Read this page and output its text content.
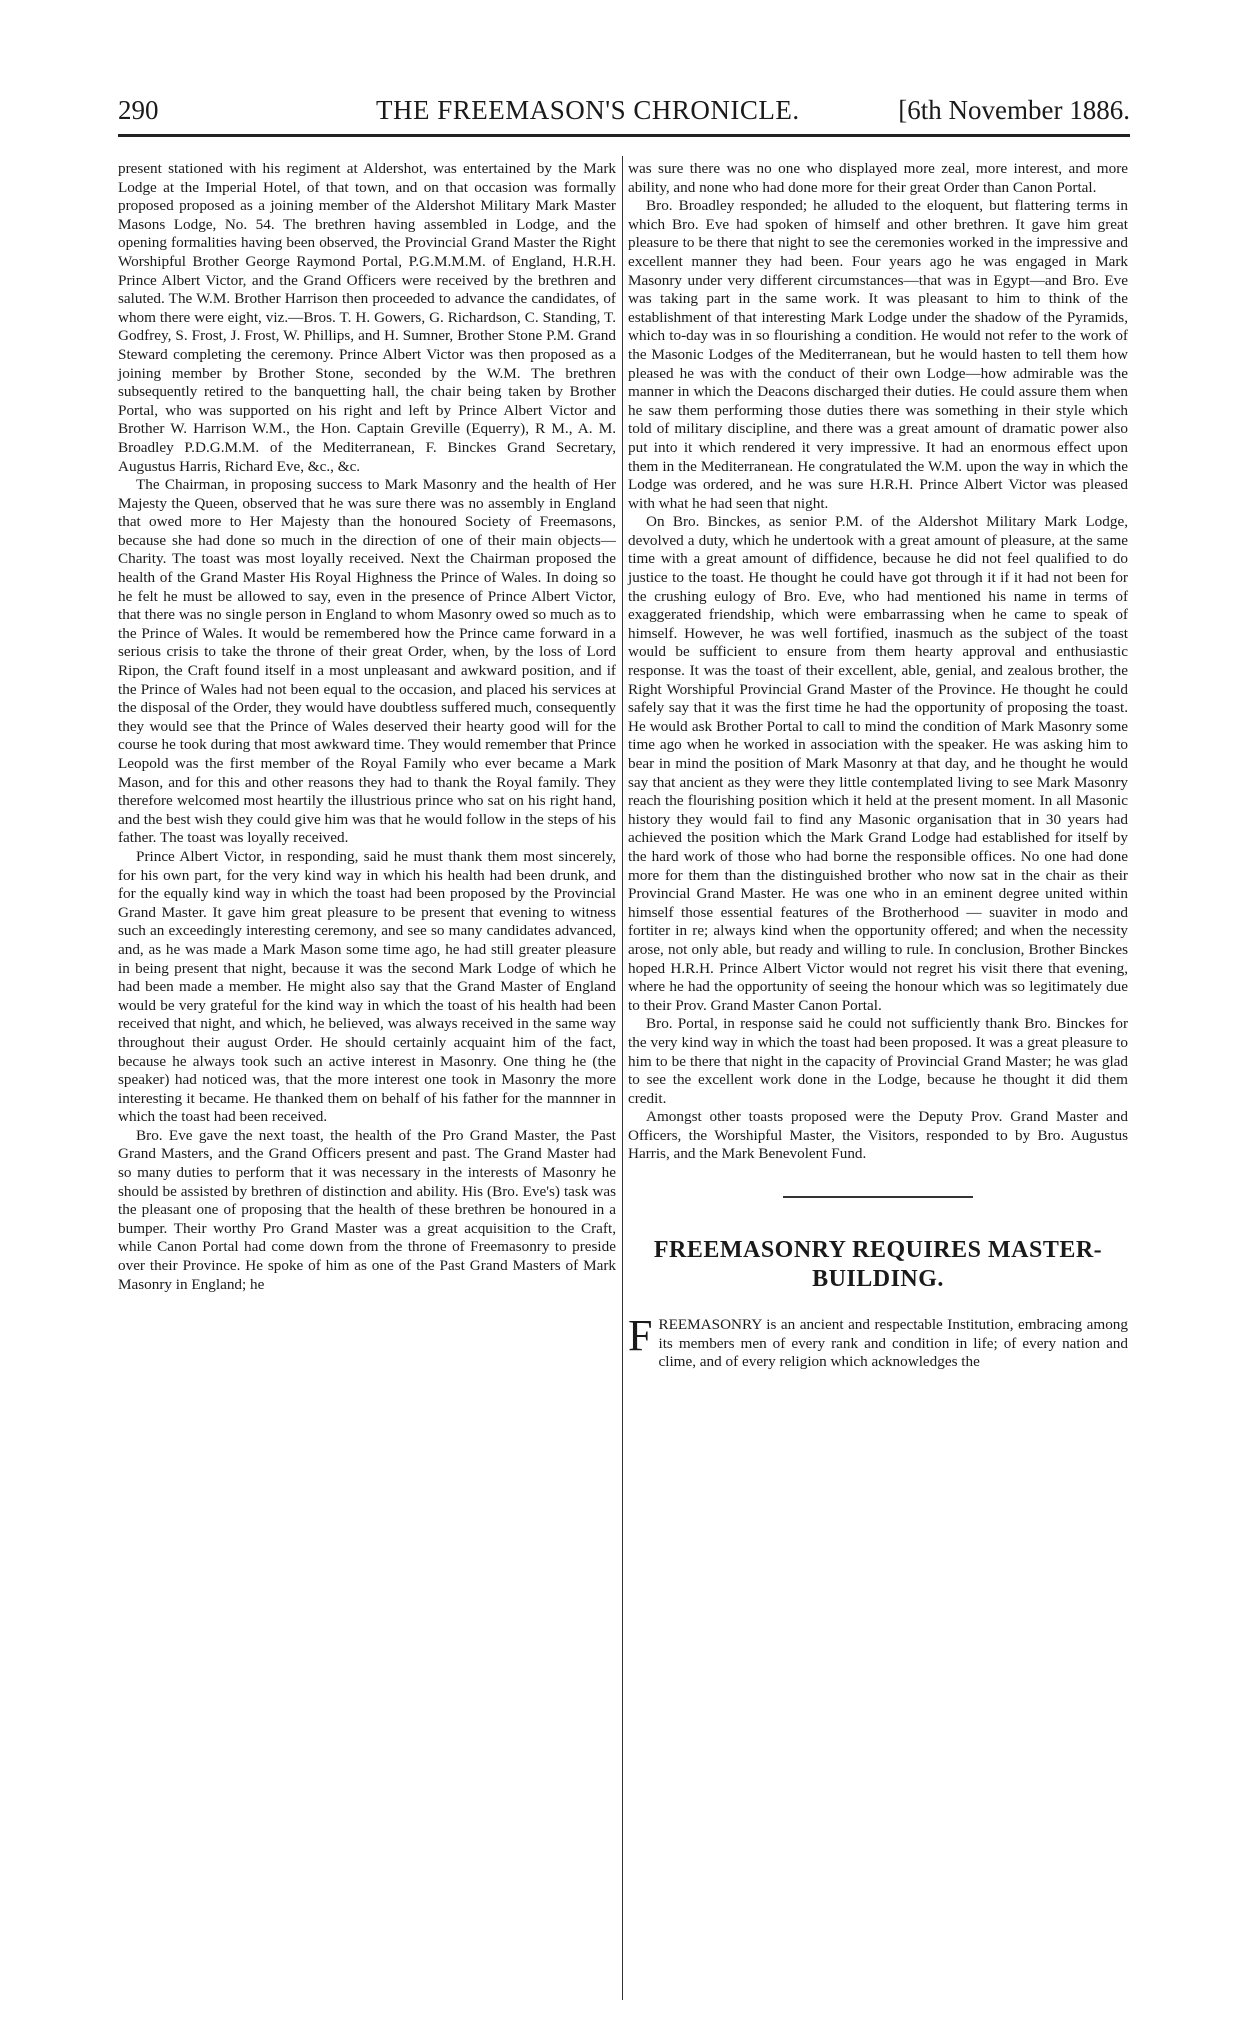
290	THE FREEMASON'S CHRONICLE.	[6th November 1886.

present stationed with his regiment at Aldershot, was entertained by the Mark Lodge at the Imperial Hotel, of that town, and on that occasion was formally proposed proposed as a joining member of the Aldershot Military Mark Master Masons Lodge, No. 54. The brethren having assembled in Lodge, and the opening formalities having been observed, the Provincial Grand Master the Right Worshipful Brother George Raymond Portal, P.G.M.M.M. of England, H.R.H. Prince Albert Victor, and the Grand Officers were received by the brethren and saluted. The W.M. Brother Harrison then proceeded to advance the candidates, of whom there were eight, viz.—Bros. T. H. Gowers, G. Richardson, C. Standing, T. Godfrey, S. Frost, J. Frost, W. Phillips, and H. Sumner, Brother Stone P.M. Grand Steward completing the ceremony. Prince Albert Victor was then proposed as a joining member by Brother Stone, seconded by the W.M. The brethren subsequently retired to the banquetting hall, the chair being taken by Brother Portal, who was supported on his right and left by Prince Albert Victor and Brother W. Harrison W.M., the Hon. Captain Greville (Equerry), R M., A. M. Broadley P.D.G.M.M. of the Mediterranean, F. Binckes Grand Secretary, Augustus Harris, Richard Eve, &c., &c.

The Chairman, in proposing success to Mark Masonry and the health of Her Majesty the Queen, observed that he was sure there was no assembly in England that owed more to Her Majesty than the honoured Society of Freemasons, because she had done so much in the direction of one of their main objects—Charity. The toast was most loyally received. Next the Chairman proposed the health of the Grand Master His Royal Highness the Prince of Wales. In doing so he felt he must be allowed to say, even in the presence of Prince Albert Victor, that there was no single person in England to whom Masonry owed so much as to the Prince of Wales. It would be remembered how the Prince came forward in a serious crisis to take the throne of their great Order, when, by the loss of Lord Ripon, the Craft found itself in a most unpleasant and awkward position, and if the Prince of Wales had not been equal to the occasion, and placed his services at the disposal of the Order, they would have doubtless suffered much, consequently they would see that the Prince of Wales deserved their hearty good will for the course he took during that most awkward time. They would remember that Prince Leopold was the first member of the Royal Family who ever became a Mark Mason, and for this and other reasons they had to thank the Royal family. They therefore welcomed most heartily the illustrious prince who sat on his right hand, and the best wish they could give him was that he would follow in the steps of his father. The toast was loyally received.

Prince Albert Victor, in responding, said he must thank them most sincerely, for his own part, for the very kind way in which his health had been drunk, and for the equally kind way in which the toast had been proposed by the Provincial Grand Master. It gave him great pleasure to be present that evening to witness such an exceedingly interesting ceremony, and see so many candidates advanced, and, as he was made a Mark Mason some time ago, he had still greater pleasure in being present that night, because it was the second Mark Lodge of which he had been made a member. He might also say that the Grand Master of England would be very grateful for the kind way in which the toast of his health had been received that night, and which, he believed, was always received in the same way throughout their august Order. He should certainly acquaint him of the fact, because he always took such an active interest in Masonry. One thing he (the speaker) had noticed was, that the more interest one took in Masonry the more interesting it became. He thanked them on behalf of his father for the mannner in which the toast had been received.

Bro. Eve gave the next toast, the health of the Pro Grand Master, the Past Grand Masters, and the Grand Officers present and past. The Grand Master had so many duties to perform that it was necessary in the interests of Masonry he should be assisted by brethren of distinction and ability. His (Bro. Eve's) task was the pleasant one of proposing that the health of these brethren be honoured in a bumper. Their worthy Pro Grand Master was a great acquisition to the Craft, while Canon Portal had come down from the throne of Freemasonry to preside over their Province. He spoke of him as one of the Past Grand Masters of Mark Masonry in England; he

was sure there was no one who displayed more zeal, more interest, and more ability, and none who had done more for their great Order than Canon Portal.

Bro. Broadley responded; he alluded to the eloquent, but flattering terms in which Bro. Eve had spoken of himself and other brethren. It gave him great pleasure to be there that night to see the ceremonies worked in the impressive and excellent manner they had been. Four years ago he was engaged in Mark Masonry under very different circumstances—that was in Egypt—and Bro. Eve was taking part in the same work. It was pleasant to him to think of the establishment of that interesting Mark Lodge under the shadow of the Pyramids, which to-day was in so flourishing a condition. He would not refer to the work of the Masonic Lodges of the Mediterranean, but he would hasten to tell them how pleased he was with the conduct of their own Lodge—how admirable was the manner in which the Deacons discharged their duties. He could assure them when he saw them performing those duties there was something in their style which told of military discipline, and there was a great amount of dramatic power also put into it which rendered it very impressive. It had an enormous effect upon them in the Mediterranean. He congratulated the W.M. upon the way in which the Lodge was ordered, and he was sure H.R.H. Prince Albert Victor was pleased with what he had seen that night.

On Bro. Binckes, as senior P.M. of the Aldershot Military Mark Lodge, devolved a duty, which he undertook with a great amount of pleasure, at the same time with a great amount of diffidence, because he did not feel qualified to do justice to the toast. He thought he could have got through it if it had not been for the crushing eulogy of Bro. Eve, who had mentioned his name in terms of exaggerated friendship, which were embarrassing when he came to speak of himself. However, he was well fortified, inasmuch as the subject of the toast would be sufficient to ensure from them hearty approval and enthusiastic response. It was the toast of their excellent, able, genial, and zealous brother, the Right Worshipful Provincial Grand Master of the Province. He thought he could safely say that it was the first time he had the opportunity of proposing the toast. He would ask Brother Portal to call to mind the condition of Mark Masonry some time ago when he worked in association with the speaker. He was asking him to bear in mind the position of Mark Masonry at that day, and he thought he would say that ancient as they were they little contemplated living to see Mark Masonry reach the flourishing position which it held at the present moment. In all Masonic history they would fail to find any Masonic organisation that in 30 years had achieved the position which the Mark Grand Lodge had established for itself by the hard work of those who had borne the responsible offices. No one had done more for them than the distinguished brother who now sat in the chair as their Provincial Grand Master. He was one who in an eminent degree united within himself those essential features of the Brotherhood — suaviter in modo and fortiter in re; always kind when the opportunity offered; and when the necessity arose, not only able, but ready and willing to rule. In conclusion, Brother Binckes hoped H.R.H. Prince Albert Victor would not regret his visit there that evening, where he had the opportunity of seeing the honour which was so legitimately due to their Prov. Grand Master Canon Portal.

Bro. Portal, in response said he could not sufficiently thank Bro. Binckes for the very kind way in which the toast had been proposed. It was a great pleasure to him to be there that night in the capacity of Provincial Grand Master; he was glad to see the excellent work done in the Lodge, because he thought it did them credit.

Amongst other toasts proposed were the Deputy Prov. Grand Master and Officers, the Worshipful Master, the Visitors, responded to by Bro. Augustus Harris, and the Mark Benevolent Fund.

FREEMASONRY REQUIRES MASTER-BUILDING.

FREEMASONRY is an ancient and respectable Institution, embracing among its members men of every rank and condition in life; of every nation and clime, and of every religion which acknowledges the
